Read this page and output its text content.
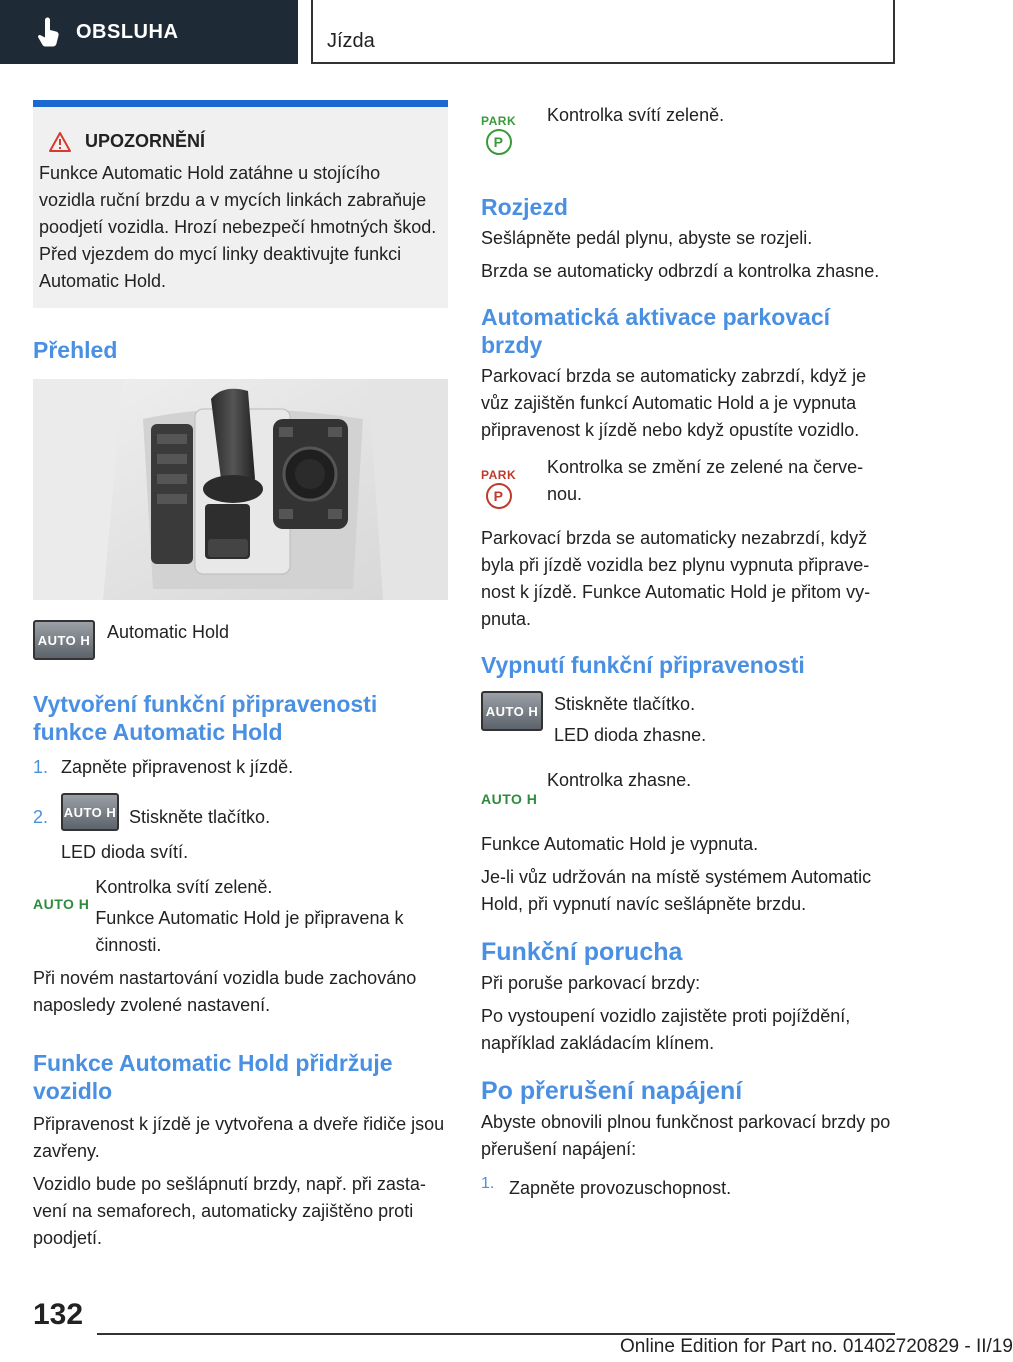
OBSLUHA	Jízda
UPOZORNĚNÍ

Funkce Automatic Hold zatáhne u stojícího vozidla ruční brzdu a v mycích linkách zabraňuje poodjetí vozidla. Hrozí nebezpečí hmotných škod. Před vjezdem do mycí linky deaktivujte funkci Automatic Hold.

Přehled
AUTO H Automatic Hold
Vytvoření funkční připravenosti funkce Automatic Hold
1. Zapněte připravenost k jízdě.
2.	AUTO H Stiskněte tlačítko.

LED dioda svítí.

AUTO H

Kontrolka svítí zeleně.

Funkce Automatic Hold je připravena k činnosti.

Při novém nastartování vozidla bude zachováno naposledy zvolené nastavení.

Funkce Automatic Hold přidržuje vozidlo

Připravenost k jízdě je vytvořena a dveře řidiče jsou zavřeny.

Vozidlo bude po sešlápnutí brzdy, např. při zastavení na semaforech, automaticky zajištěno proti poodjetí.

PARK
P

Kontrolka svítí zeleně.

Rozjezd

Sešlápněte pedál plynu, abyste se rozjeli.

Brzda se automaticky odbrzdí a kontrolka zhasne.

Automatická aktivace parkovací brzdy

Parkovací brzda se automaticky zabrzdí, když je vůz zajištěn funkcí Automatic Hold a je vypnuta připravenost k jízdě nebo když opustíte vozidlo.

PARK
P

Kontrolka se změní ze zelené na červenou.

Parkovací brzda se automaticky nezabrzdí, když byla při jízdě vozidla bez plynu vypnuta připravenost k jízdě. Funkce Automatic Hold je přitom vypnuta.

Vypnutí funkční připravenosti
AUTO H Stiskněte tlačítko.

LED dioda zhasne.

AUTO H

Kontrolka zhasne.

Funkce Automatic Hold je vypnuta.

Je-li vůz udržován na místě systémem Automatic Hold, při vypnutí navíc sešlápněte brzdu.

Funkční porucha

Při poruše parkovací brzdy:

Po vystoupení vozidlo zajistěte proti pojíždění, například zakládacím klínem.

Po přerušení napájení

Abyste obnovili plnou funkčnost parkovací brzdy po přerušení napájení:

1. Zapněte provozuschopnost.
132
Online Edition for Part no. 01402720829 - II/19
